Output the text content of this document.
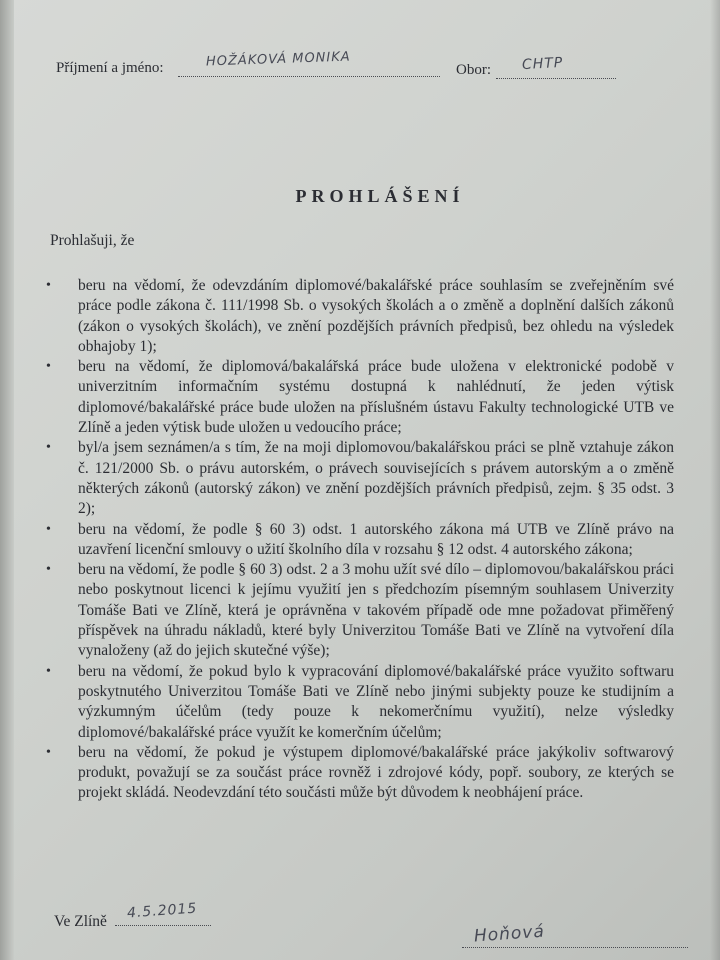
Příjmení a jméno:	HOŽÁKOVÁ MONIKA
Obor: CHTP
PROHLÁŠENÍ
Prohlašuji, že
• beru na vědomí, že odevzdáním diplomové/bakalářské práce souhlasím se zveřejněním své práce podle zákona č. 111/1998 Sb. o vysokých školách a o změně a doplnění dalších zákonů (zákon o vysokých školách), ve znění pozdějších právních předpisů, bez ohledu na výsledek obhajoby 1);
• beru na vědomí, že diplomová/bakalářská práce bude uložena v elektronické podobě v univerzitním informačním systému dostupná k nahlédnutí, že jeden výtisk diplomové/bakalářské práce bude uložen na příslušném ústavu Fakulty technologické UTB ve Zlíně a jeden výtisk bude uložen u vedoucího práce;
• byl/a jsem seznámen/a s tím, že na moji diplomovou/bakalářskou práci se plně vztahuje zákon č. 121/2000 Sb. o právu autorském, o právech souvisejících s právem autorským a o změně některých zákonů (autorský zákon) ve znění pozdějších právních předpisů, zejm. § 35 odst. 3 2);
• beru na vědomí, že podle § 60 3) odst. 1 autorského zákona má UTB ve Zlíně právo na uzavření licenční smlouvy o užití školního díla v rozsahu § 12 odst. 4 autorského zákona;
• beru na vědomí, že podle § 60 3) odst. 2 a 3 mohu užít své dílo – diplomovou/bakalářskou práci nebo poskytnout licenci k jejímu využití jen s předchozím písemným souhlasem Univerzity Tomáše Bati ve Zlíně, která je oprávněna v takovém případě ode mne požadovat přiměřený příspěvek na úhradu nákladů, které byly Univerzitou Tomáše Bati ve Zlíně na vytvoření díla vynaloženy (až do jejich skutečné výše);
• beru na vědomí, že pokud bylo k vypracování diplomové/bakalářské práce využito softwaru poskytnutého Univerzitou Tomáše Bati ve Zlíně nebo jinými subjekty pouze ke studijním a výzkumným účelům (tedy pouze k nekomerčnímu využití), nelze výsledky diplomové/bakalářské práce využít ke komerčním účelům;
• beru na vědomí, že pokud je výstupem diplomové/bakalářské práce jakýkoliv softwarový produkt, považují se za součást práce rovněž i zdrojové kódy, popř. soubory, ze kterých se projekt skládá. Neodevzdání této součásti může být důvodem k neobhájení práce.
Ve Zlíně
4.5.2015
Hoňová
